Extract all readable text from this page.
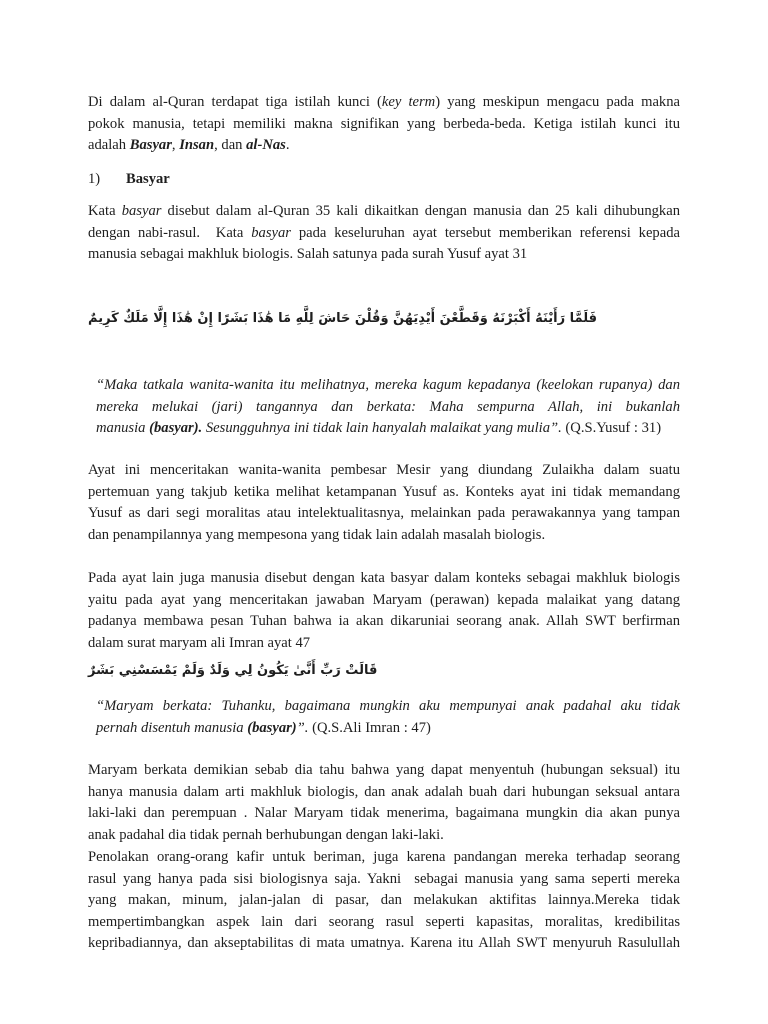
1) Basyar
فَلَمَّا رَأَيْنَهُ أَكْبَرْنَهُ وَقَطَّعْنَ أَيْدِيَهُنَّ وَقُلْنَ حَاشَ لِلَّهِ مَا هَٰذَا بَشَرًا إِنْ هَٰذَا إِلَّا مَلَكٌ كَرِيمٌ
قَالَتْ رَبِّ أَنَّىٰ يَكُونُ لِي وَلَدٌ وَلَمْ يَمْسَسْنِي بَشَرٌ
Di dalam al-Quran terdapat tiga istilah kunci (key term) yang meskipun mengacu pada makna
pokok manusia, tetapi memiliki makna signifikan yang berbeda-beda. Ketiga istilah kunci itu
adalah Basyar, Insan, dan al-Nas.
Kata basyar disebut dalam al-Quran 35 kali dikaitkan dengan manusia dan 25 kali dihubungkan
dengan nabi-rasul.  Kata basyar pada keseluruhan ayat tersebut memberikan referensi kepada
manusia sebagai makhluk biologis. Salah satunya pada surah Yusuf ayat 31
“Maka tatkala wanita-wanita itu melihatnya, mereka kagum kepadanya (keelokan rupanya) dan
mereka melukai (jari) tangannya dan berkata: Maha sempurna Allah, ini bukanlah
manusia (basyar). Sesungguhnya ini tidak lain hanyalah malaikat yang mulia”. (Q.S.Yusuf : 31)
Ayat ini menceritakan wanita-wanita pembesar Mesir yang diundang Zulaikha dalam suatu
pertemuan yang takjub ketika melihat ketampanan Yusuf as. Konteks ayat ini tidak memandang
Yusuf as dari segi moralitas atau intelektualitasnya, melainkan pada perawakannya yang tampan
dan penampilannya yang mempesona yang tidak lain adalah masalah biologis.
Pada ayat lain juga manusia disebut dengan kata basyar dalam konteks sebagai makhluk biologis
yaitu pada ayat yang menceritakan jawaban Maryam (perawan) kepada malaikat yang datang
padanya membawa pesan Tuhan bahwa ia akan dikaruniai seorang anak. Allah SWT berfirman
dalam surat maryam ali Imran ayat 47
“Maryam berkata: Tuhanku, bagaimana mungkin aku mempunyai anak padahal aku tidak
pernah disentuh manusia (basyar)”. (Q.S.Ali Imran : 47)
Maryam berkata demikian sebab dia tahu bahwa yang dapat menyentuh (hubungan seksual) itu
hanya manusia dalam arti makhluk biologis, dan anak adalah buah dari hubungan seksual antara
laki-laki dan perempuan . Nalar Maryam tidak menerima, bagaimana mungkin dia akan punya
anak padahal dia tidak pernah berhubungan dengan laki-laki.
Penolakan orang-orang kafir untuk beriman, juga karena pandangan mereka terhadap seorang
rasul yang hanya pada sisi biologisnya saja. Yakni  sebagai manusia yang sama seperti mereka
yang makan, minum, jalan-jalan di pasar, dan melakukan aktifitas lainnya.Mereka tidak
mempertimbangkan aspek lain dari seorang rasul seperti kapasitas, moralitas, kredibilitas
kepribadiannya, dan akseptabilitas di mata umatnya. Karena itu Allah SWT menyuruh Rasulullah
